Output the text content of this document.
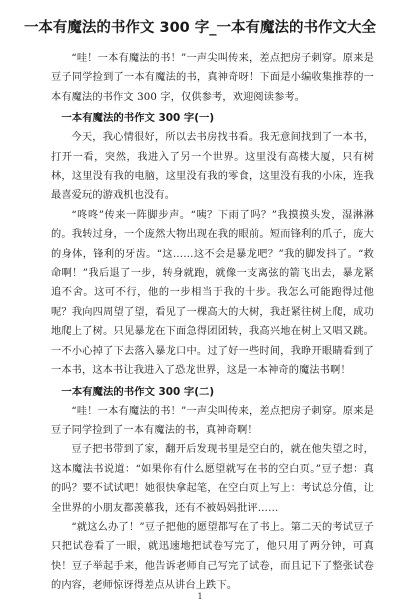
一本有魔法的书作文 300 字_一本有魔法的书作文大全

“哇！一本有魔法的书！”一声尖叫传来，差点把房子刺穿。原来是豆子同学捡到了一本有魔法的书，真神奇呀！下面是小编收集推荐的一本有魔法的书作文 300 字，仅供参考，欢迎阅读参考。

一本有魔法的书作文 300 字(一)

今天，我心情很好，所以去书房找书看。我无意间找到了一本书，打开一看，突然，我进入了另一个世界。这里没有高楼大厦，只有树林，这里没有我的电脑，这里没有我的零食，这里没有我的小床，连我最喜爱玩的游戏机也没有。

“咚咚”传来一阵脚步声。“咦？下雨了吗？”我摸摸头发，湿淋淋的。我转过身，一个庞然大物出现在我的眼前。短而锋利的爪子，庞大的身体，锋利的牙齿。“这……这不会是暴龙吧？”我的脚发抖了。“救命啊！”我后退了一步，转身就跑，就像一支离弦的箭飞出去，暴龙紧追不舍。这可不行，他的一步相当于我的十步。我怎么可能跑得过他呢？我向四周望了望，看见了一棵高大的大树，我赶紧往树上爬，成功地爬上了树。只见暴龙在下面急得团团转，我高兴地在树上又唱又跳。一不小心掉了下去落入暴龙口中。过了好一些时间，我睁开眼睛看到了一本书，这本书让我进入了恐龙世界，这是一本神奇的魔法书啊！

一本有魔法的书作文 300 字(二)

“哇！一本有魔法的书！”一声尖叫传来，差点把房子刺穿。原来是豆子同学捡到了一本有魔法的书，真神奇啊！

豆子把书带到了家，翻开后发现书里是空白的，就在他失望之时，这本魔法书说道：“如果你有什么愿望就写在书的空白页。”豆子想：真的吗？要不试试吧！她很快拿起笔，在空白页上写上：考试总分值，让全世界的小朋友都羡慕我，还有不被妈妈批评……

“就这么办了！”豆子把他的愿望都写在了书上。第二天的考试豆子只把试卷看了一眼，就迅速地把试卷写完了，他只用了两分钟，可真快！豆子举起手来，他告诉老师自己写完了试卷，而且记下了整张试卷的内容，老师惊讶得差点从讲台上跌下。

1
